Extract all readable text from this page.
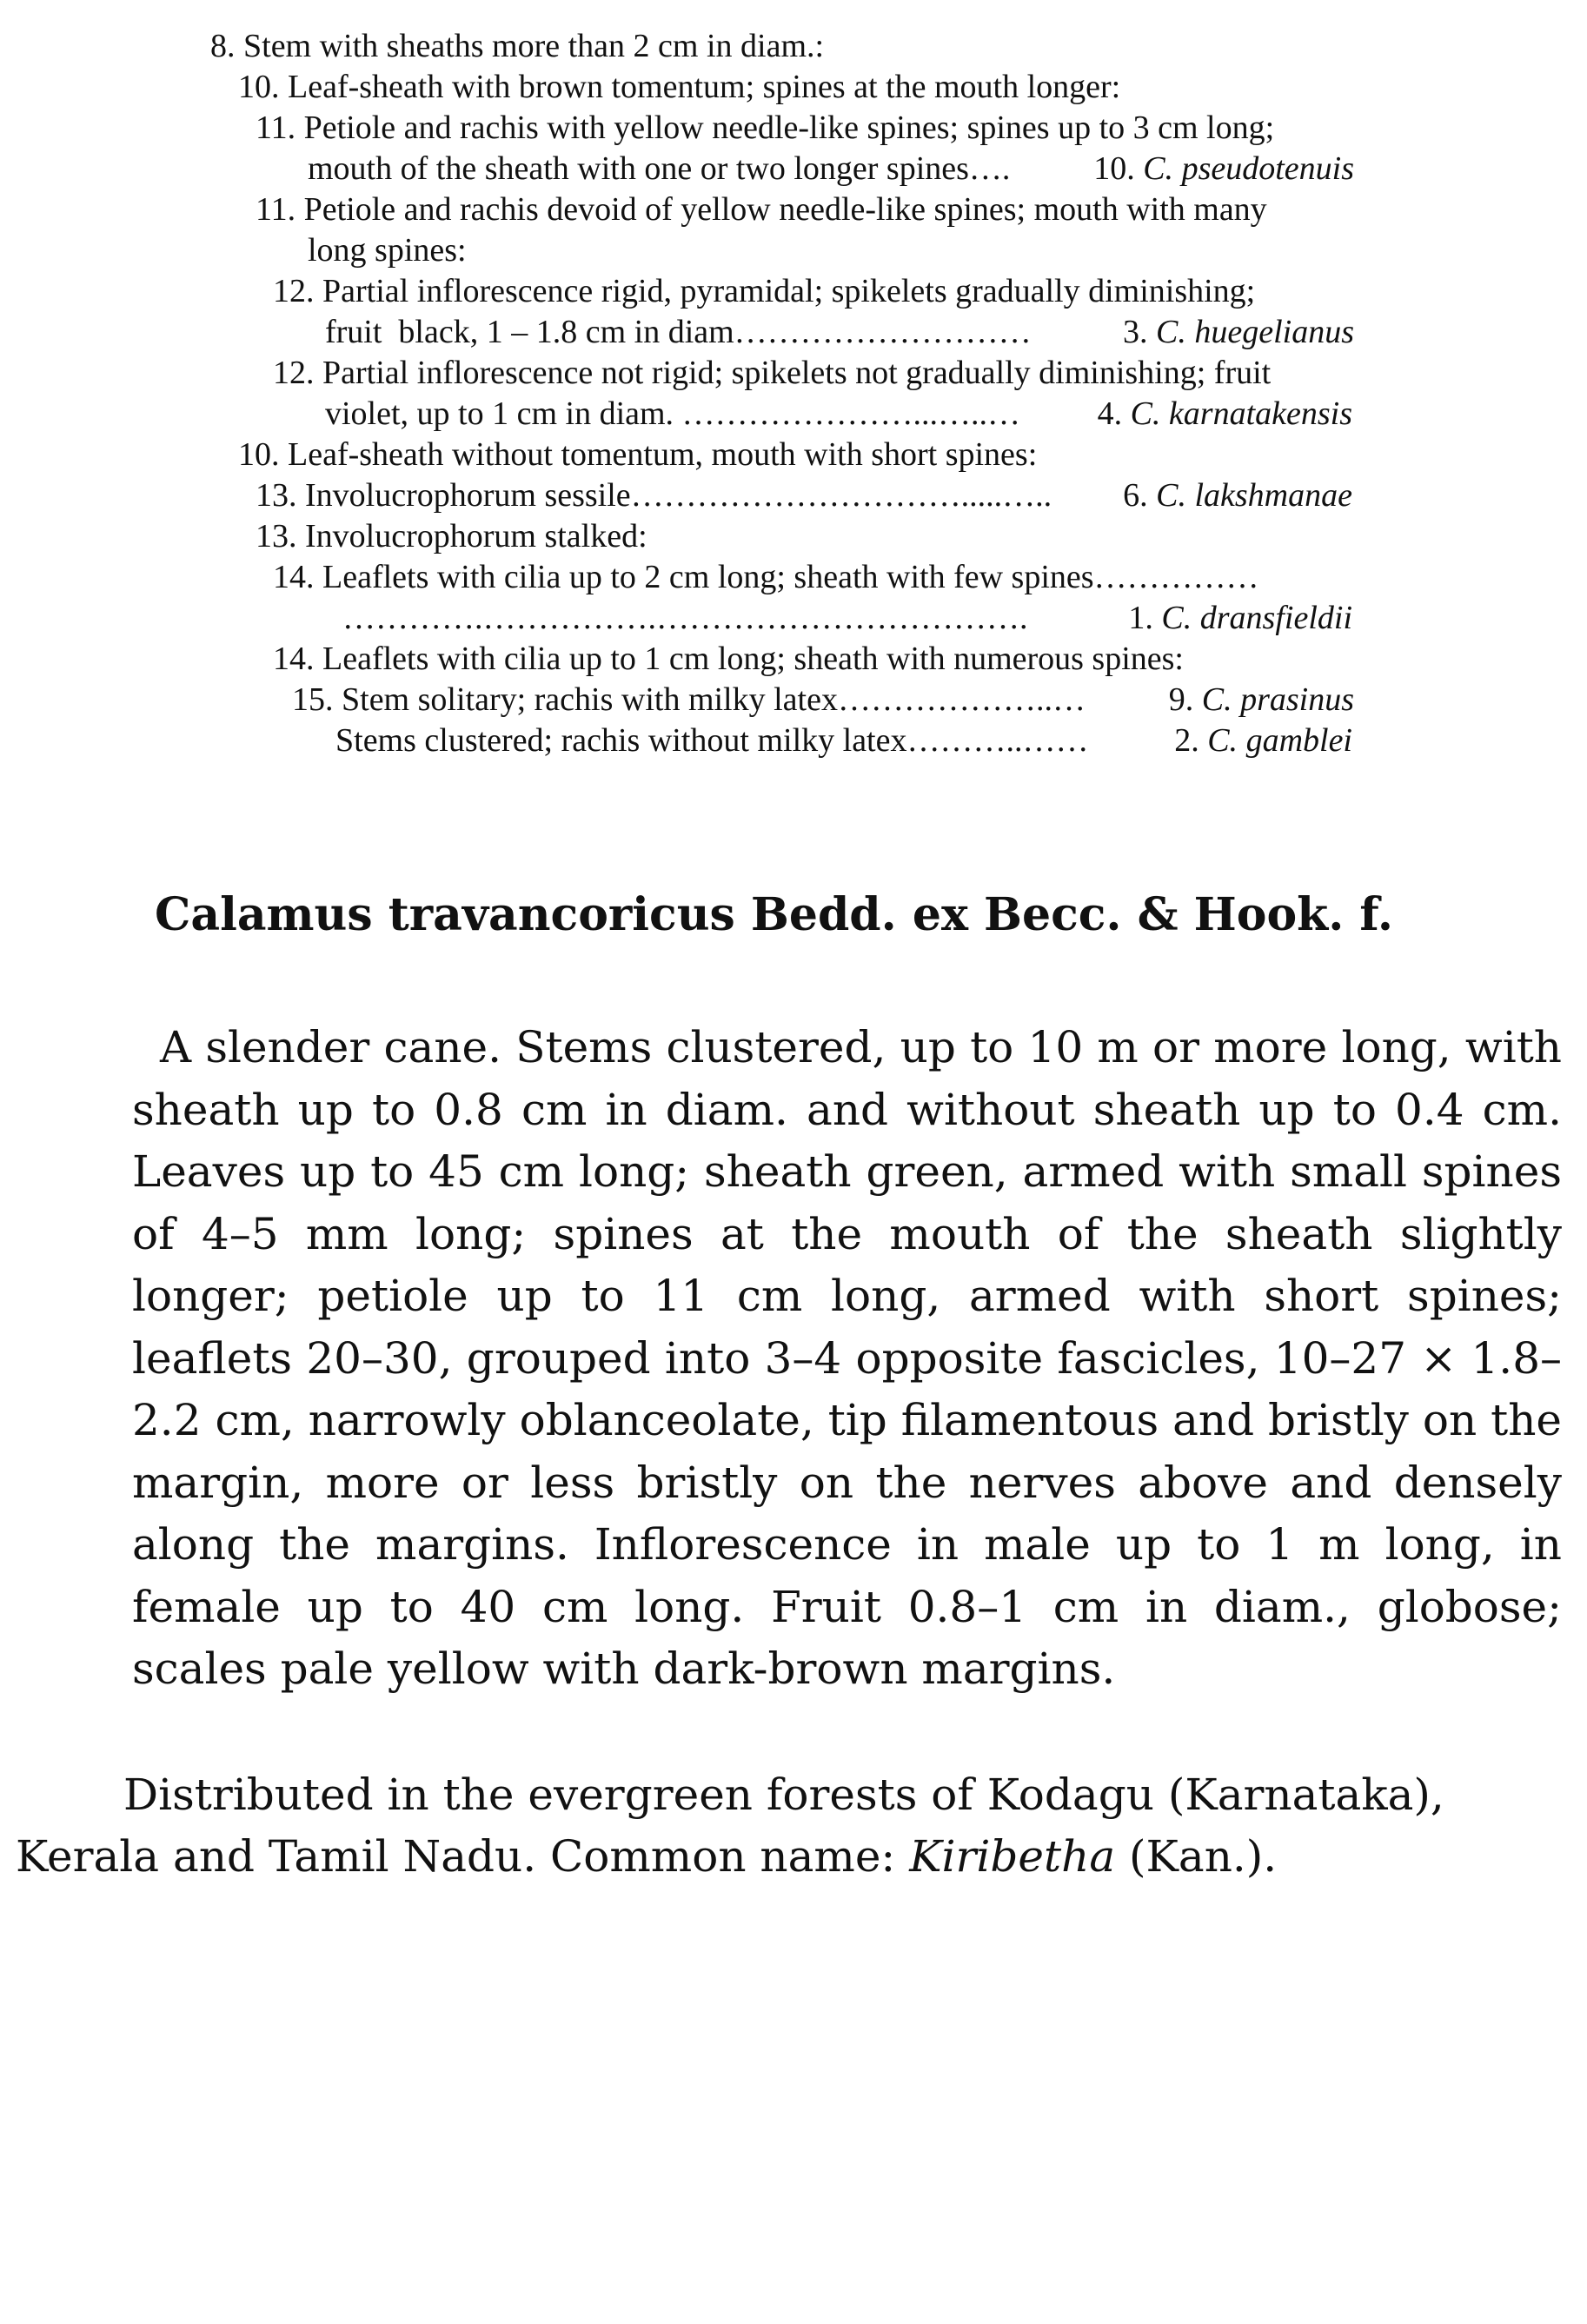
8. Stem with sheaths more than 2 cm in diam.:
10. Leaf-sheath with brown tomentum; spines at the mouth longer:
11. Petiole and rachis with yellow needle-like spines; spines up to 3 cm long;
mouth of the sheath with one or two longer spines….	10. C. pseudotenuis
11. Petiole and rachis devoid of yellow needle-like spines; mouth with many
long spines:
12. Partial inflorescence rigid, pyramidal; spikelets gradually diminishing;
fruit  black, 1 – 1.8 cm in diam………………………	3. C. huegelianus
12. Partial inflorescence not rigid; spikelets not gradually diminishing; fruit
violet, up to 1 cm in diam. …………………...…..… 4. C. karnatakensis
10. Leaf-sheath without tomentum, mouth with short spines:
13. Involucrophorum sessile………………………….....….. 6. C. lakshmanae
13. Involucrophorum stalked:
14. Leaflets with cilia up to 2 cm long; sheath with few spines……………
………….…………….…………………………….	1. C. dransfieldii
14. Leaflets with cilia up to 1 cm long; sheath with numerous spines:
15. Stem solitary; rachis with milky latex………………..…	9. C. prasinus
Stems clustered; rachis without milky latex………..……	2. C. gamblei
Calamus travancoricus Bedd. ex Becc. & Hook. f.
A slender cane. Stems clustered, up to 10 m or more long, with sheath up to 0.8 cm in diam. and without sheath up to 0.4 cm. Leaves up to 45 cm long; sheath green, armed with small spines of 4–5 mm long; spines at the mouth of the sheath slightly longer; petiole up to 11 cm long, armed with short spines; leaflets 20–30, grouped into 3–4 opposite fascicles, 10–27 × 1.8–2.2 cm, narrowly oblanceolate, tip filamentous and bristly on the margin, more or less bristly on the nerves above and densely along the margins. Inflorescence in male up to 1 m long, in female up to 40 cm long. Fruit 0.8–1 cm in diam., globose; scales pale yellow with dark-brown margins.
Distributed in the evergreen forests of Kodagu (Karnataka), Kerala and Tamil Nadu. Common name: Kiribetha (Kan.).
